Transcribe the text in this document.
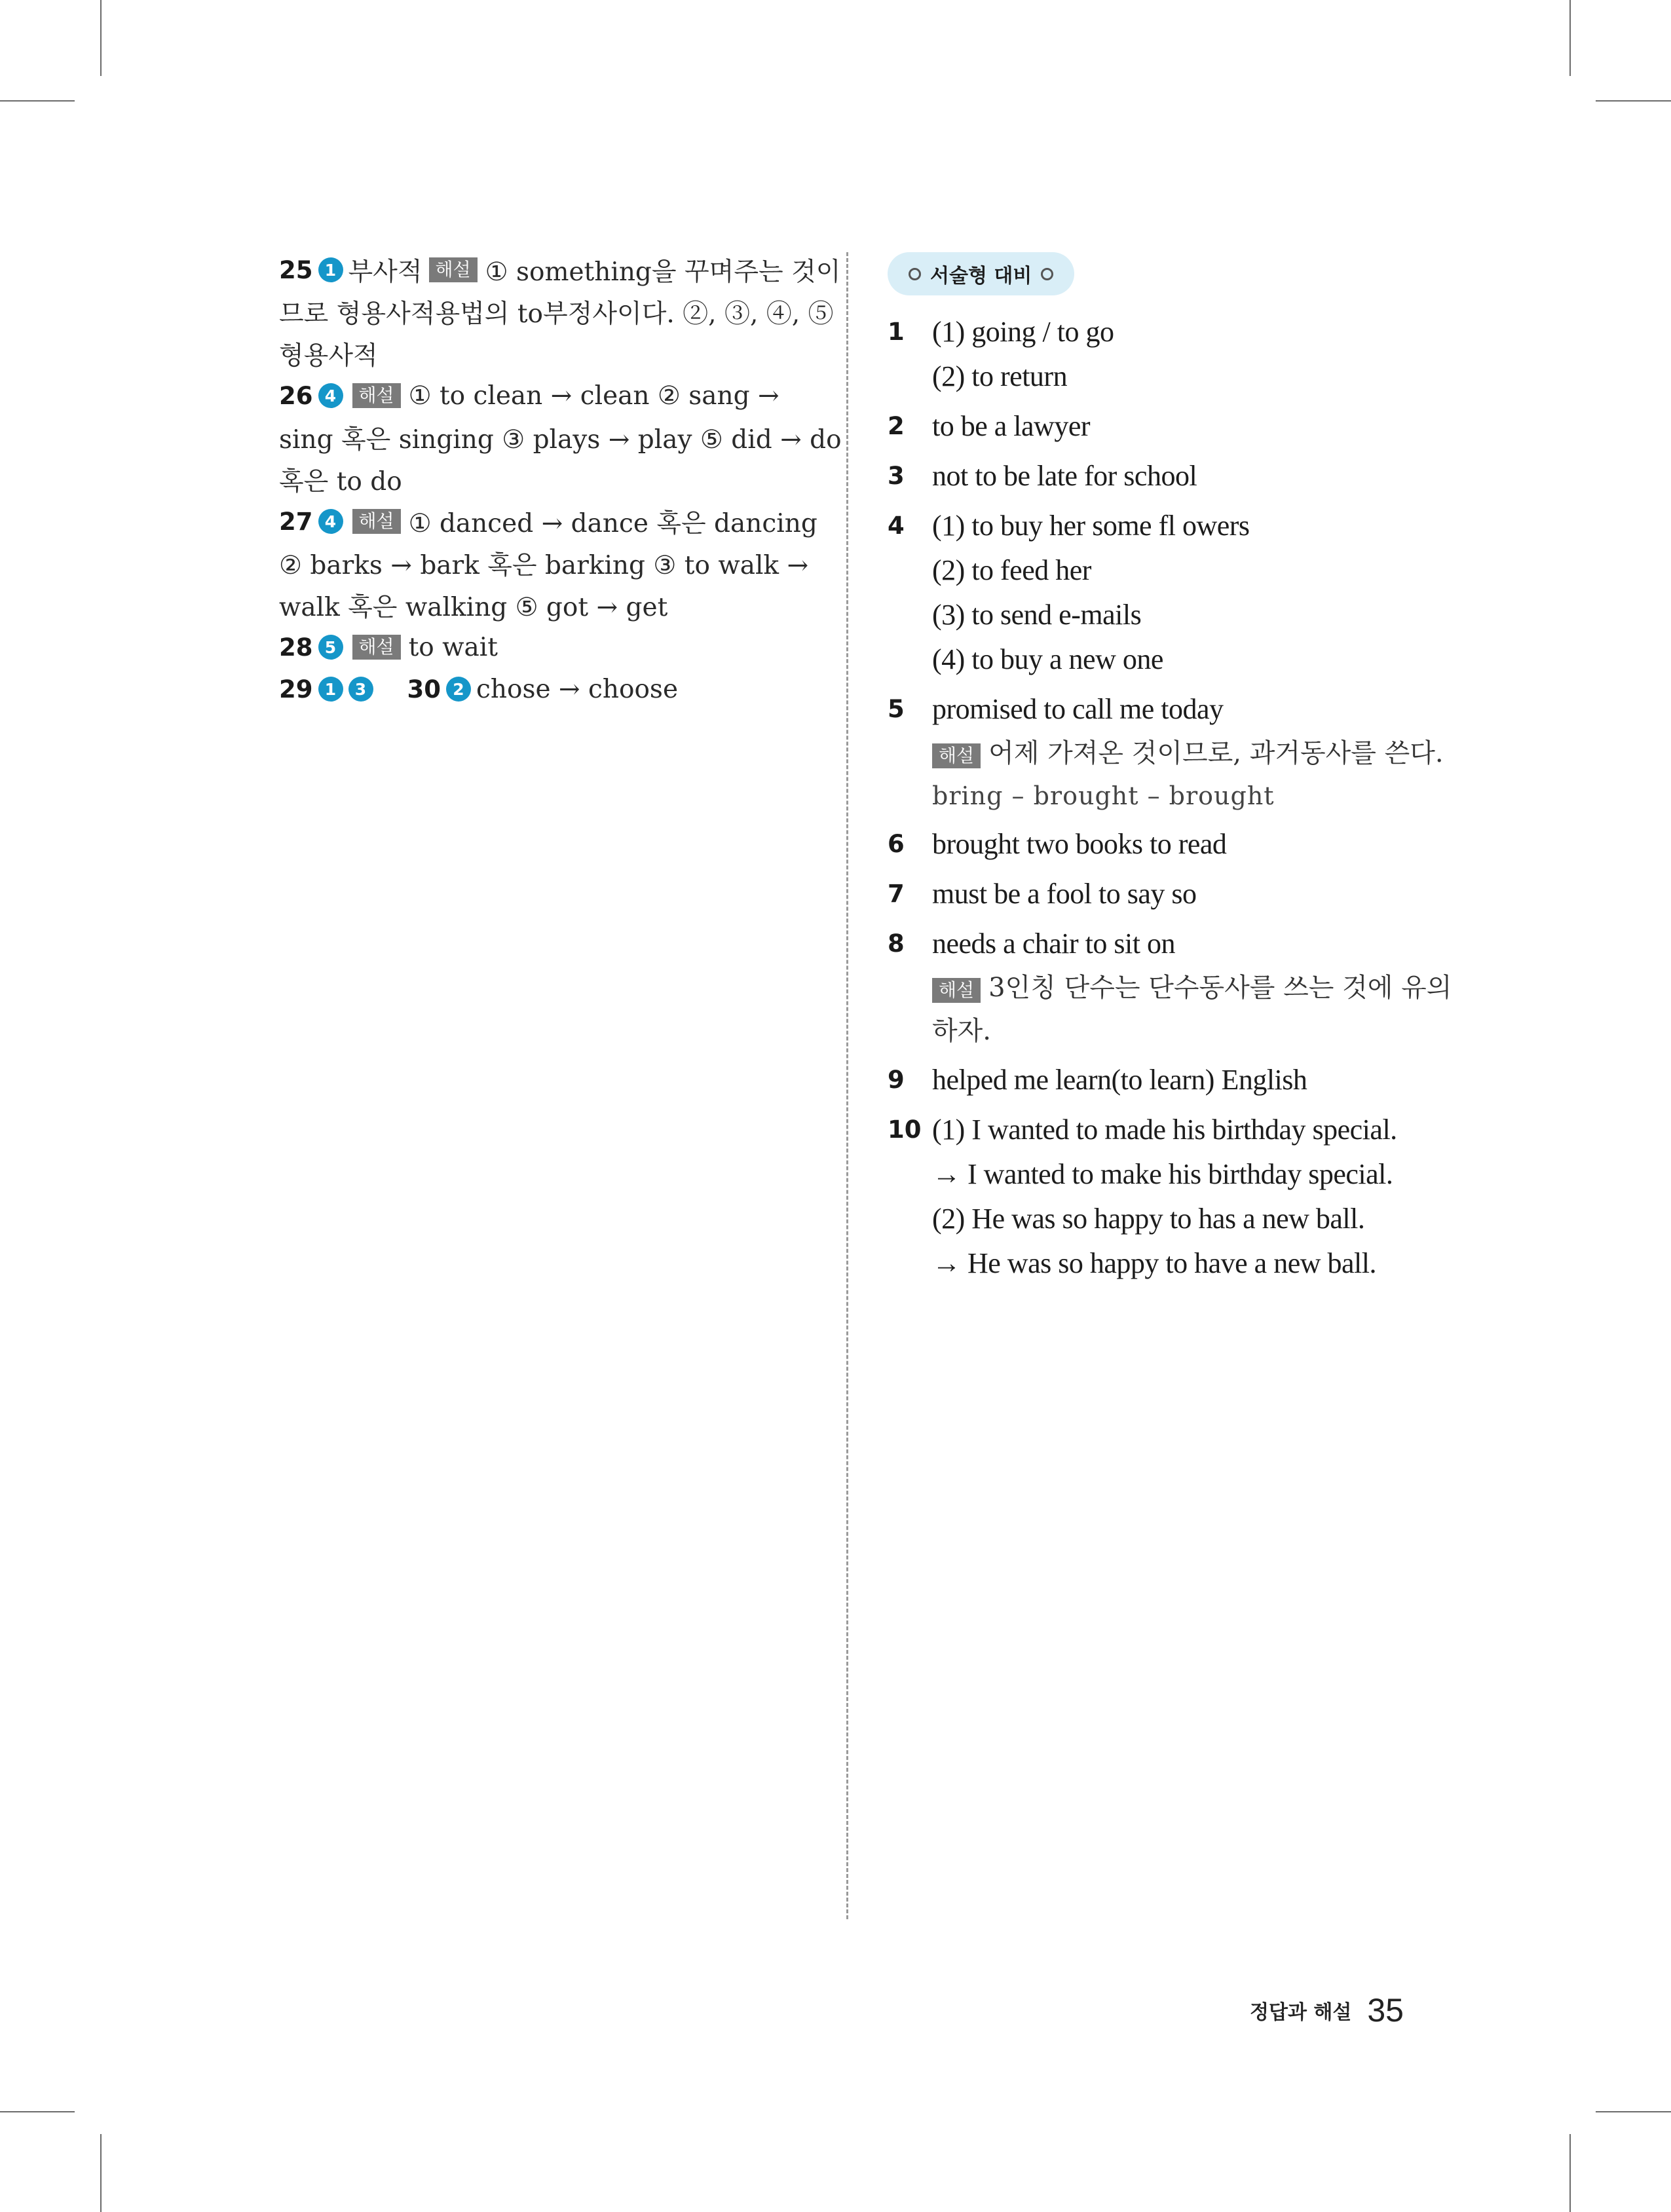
25 1 부사적 해설 ① something을 꾸며주는 것이
므로 형용사적용법의 to부정사이다. ②, ③, ④, ⑤
형용사적
26 4	해설 ① to clean → clean ② sang →
sing 혹은 singing ③ plays → play ⑤ did → do
혹은 to do
27 4	해설 ① danced → dance 혹은 dancing
② barks → bark 혹은 barking ③ to walk →
walk 혹은 walking ⑤ got → get
28 5	해설 to wait
29 1	3 30 2 chose → choose
서술형 대비
1 (1) going / to go
(2) to return
2 to be a lawyer
3 not to be late for school
4 (1) to buy her some fl owers
(2) to feed her
(3) to send e-mails
(4) to buy a new one
5 promised to call me today
해설 어제 가져온 것이므로, 과거동사를 쓴다.
bring – brought – brought
6 brought two books to read
7 must be a fool to say so
8 needs a chair to sit on
해설 3인칭 단수는 단수동사를 쓰는 것에 유의
하자.
9 helped me learn(to learn) English
10 (1) I wanted to made his birthday special.
→ I wanted to make his birthday special.
(2) He was so happy to has a new ball.
→ He was so happy to have a new ball.
정답과 해설 35
